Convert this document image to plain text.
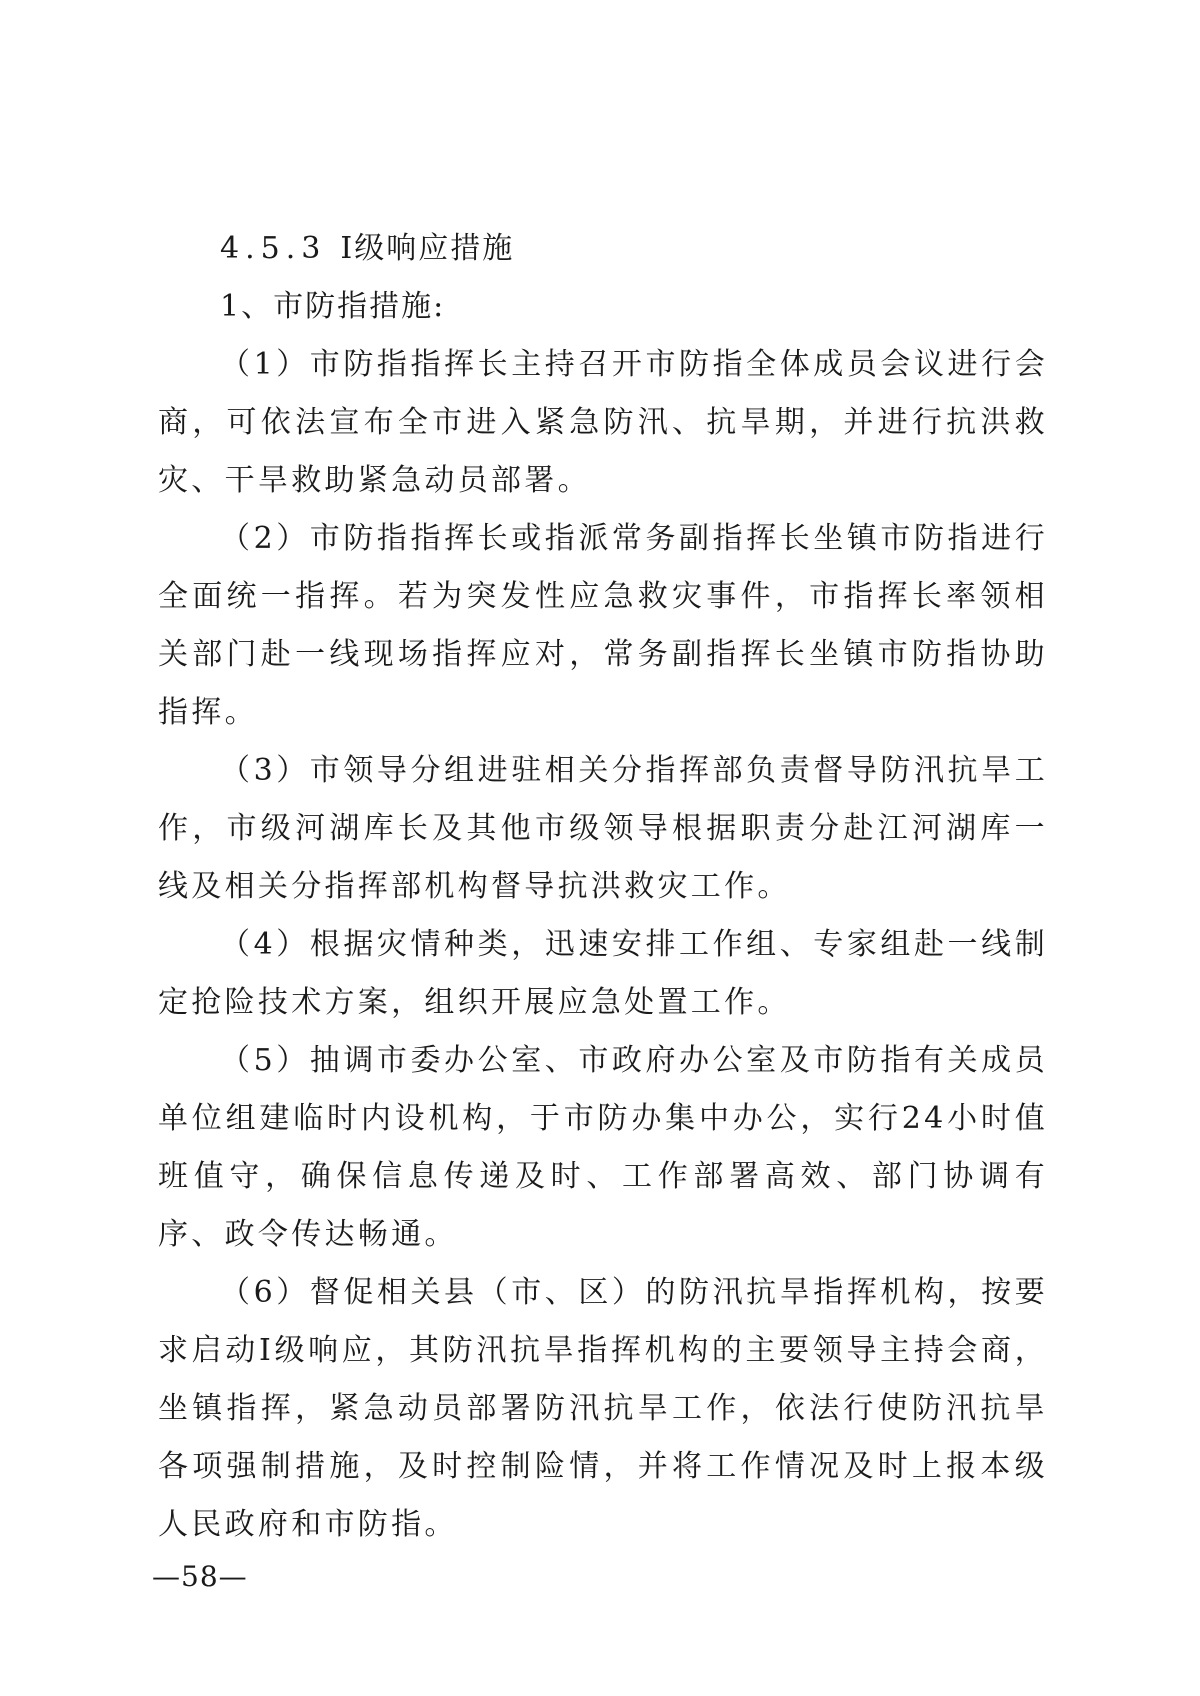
4.5.3 Ⅰ级响应措施

1、市防指措施:

（1）市防指指挥长主持召开市防指全体成员会议进行会商，可依法宣布全市进入紧急防汛、抗旱期，并进行抗洪救灾、干旱救助紧急动员部署。

（2）市防指指挥长或指派常务副指挥长坐镇市防指进行全面统一指挥。若为突发性应急救灾事件，市指挥长率领相关部门赴一线现场指挥应对，常务副指挥长坐镇市防指协助指挥。

（3）市领导分组进驻相关分指挥部负责督导防汛抗旱工作，市级河湖库长及其他市级领导根据职责分赴江河湖库一线及相关分指挥部机构督导抗洪救灾工作。

（4）根据灾情种类，迅速安排工作组、专家组赴一线制定抢险技术方案，组织开展应急处置工作。

（5）抽调市委办公室、市政府办公室及市防指有关成员单位组建临时内设机构，于市防办集中办公，实行24小时值班值守，确保信息传递及时、工作部署高效、部门协调有序、政令传达畅通。

（6）督促相关县（市、区）的防汛抗旱指挥机构，按要求启动Ⅰ级响应，其防汛抗旱指挥机构的主要领导主持会商，坐镇指挥，紧急动员部署防汛抗旱工作，依法行使防汛抗旱各项强制措施，及时控制险情，并将工作情况及时上报本级人民政府和市防指。

—58—
